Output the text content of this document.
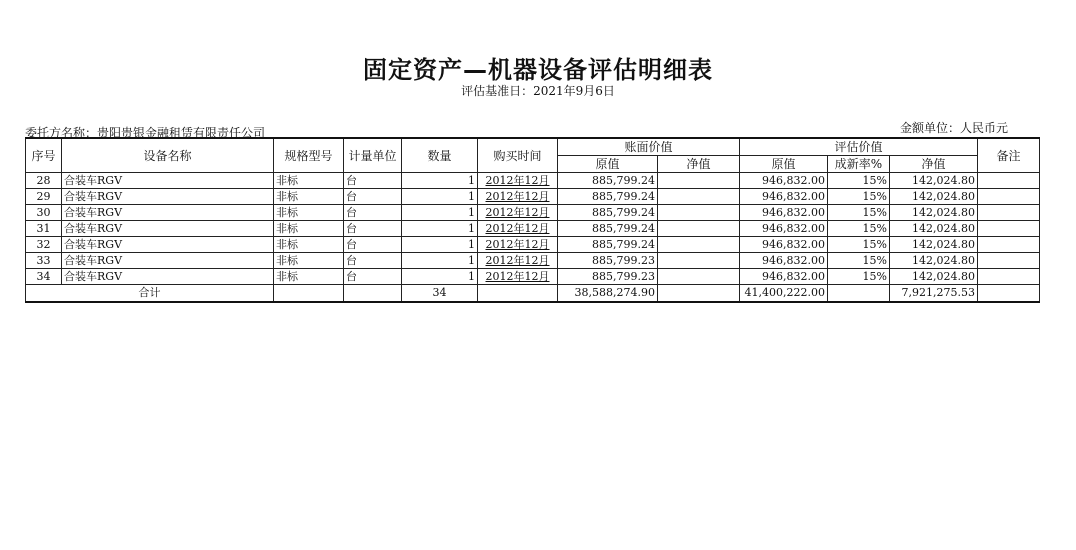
固定资产—机器设备评估明细表
评估基准日：2021年9月6日
委托方名称：贵阳贵银金融租赁有限责任公司	金额单位：人民币元
序号	设备名称	规格型号	计量单位	数量	购买时间	账面价值		评估价值			备注
						原值	净值	原值	成新率%	净值	
28	合装车RGV	非标	台	1	2012年12月	885,799.24		946,832.00	15%	142,024.80	
29	合装车RGV	非标	台	1	2012年12月	885,799.24		946,832.00	15%	142,024.80	
30	合装车RGV	非标	台	1	2012年12月	885,799.24		946,832.00	15%	142,024.80	
31	合装车RGV	非标	台	1	2012年12月	885,799.24		946,832.00	15%	142,024.80	
32	合装车RGV	非标	台	1	2012年12月	885,799.24		946,832.00	15%	142,024.80	
33	合装车RGV	非标	台	1	2012年12月	885,799.23		946,832.00	15%	142,024.80	
34	合装车RGV	非标	台	1	2012年12月	885,799.23		946,832.00	15%	142,024.80	
合计				34		38,588,274.90		41,400,222.00		7,921,275.53	
